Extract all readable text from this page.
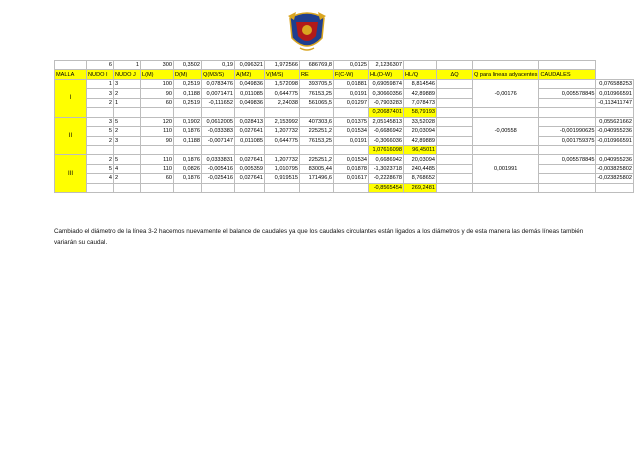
	6	1	300	0,3502	0,19	0,096321	1,972566	686769,8	0,0125	2,1236307					
MALLA	NUDO I	NUDO J	L(M)	D(M)	Q(M3/S)	A(M2)	V(M/S)	RE	F(C-W)	HL(D-W)	HL/Q	ΔQ	Q para lineas adyacentes	CAUDALES	
I	1	3	100	0,2519	0,0783476	0,049836	1,572098	393705,5	0,01881	0,69059874	8,814546		-0,00176		0,076588253
	3	2	90	0,1188	0,0071471	0,011085	0,644775	76153,25	0,0191	0,30660356	42,89889			0,005578845	0,010966591
	2	1	60	0,2519	-0,111652	0,049836	2,24038	561065,5	0,01297	-0,7903283	7,078473				-0,113411747
										0,20687401	58,79193				
II	3	5	120	0,1902	0,0612005	0,028413	2,153992	407303,6	0,01375	2,05145813	33,52028		-0,00558		0,055621662
	5	2	110	0,1876	-0,033383	0,027641	1,207732	225251,2	0,01534	-0,6686942	20,03094			-0,001990625	-0,040955236
	2	3	90	0,1188	-0,007147	0,011085	0,644775	76153,25	0,0191	-0,3066036	42,89889			0,001759375	-0,010966591
										1,07616098	96,45011				
III	2	5	110	0,1876	0,0333831	0,027641	1,207732	225251,2	0,01534	0,6686942	20,03094		0,001991	0,005578845	0,040955236
	5	4	110	0,0826	-0,005416	0,005359	1,010795	83005,44	0,01878	-1,3023718	240,4485				-0,003825802
	4	2	60	0,1876	-0,025416	0,027641	0,919515	171496,6	0,01617	-0,2228678	8,768652				-0,023825802
										-0,8565454	269,2481				
Cambiado el diámetro de la línea 3-2 hacemos nuevamente el balance de caudales ya que los caudales circulantes están ligados a los diámetros y de esta manera las demás líneas también variarán su caudal.
